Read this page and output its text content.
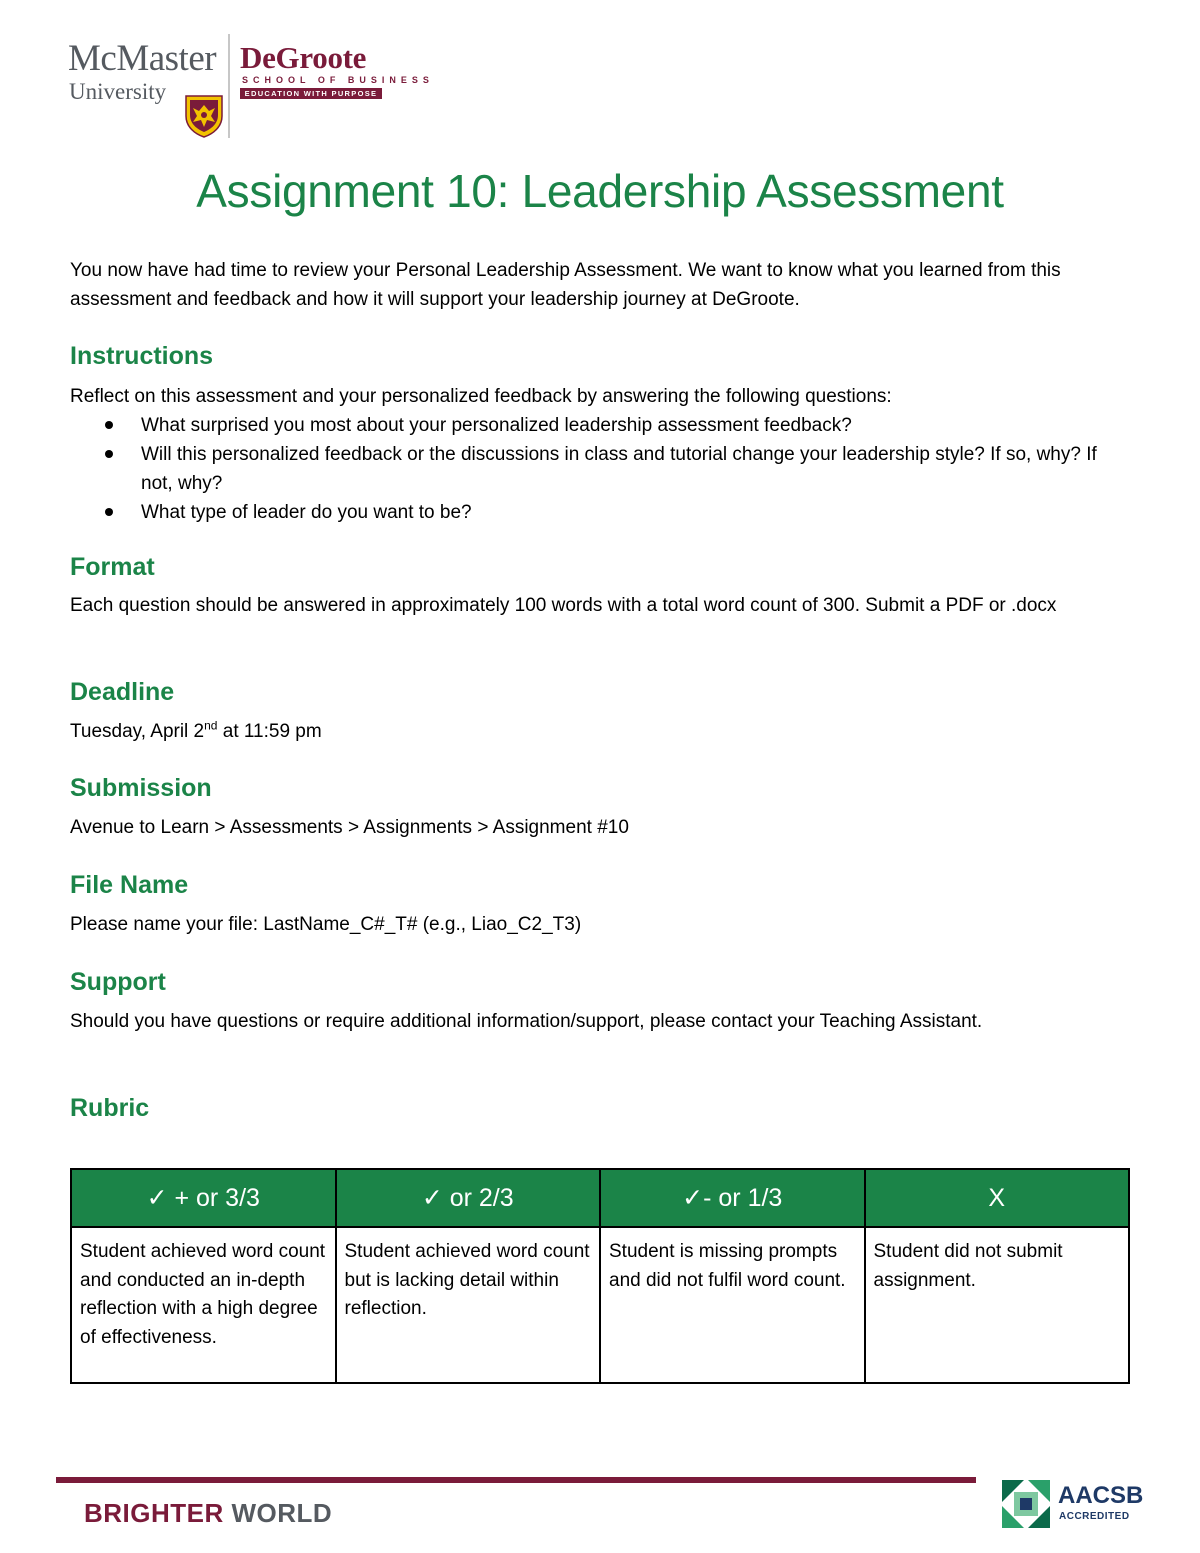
McMaster
University
DeGroote
SCHOOL OF BUSINESS
EDUCATION WITH PURPOSE
Assignment 10: Leadership Assessment

You now have had time to review your Personal Leadership Assessment. We want to know what you learned from this assessment and feedback and how it will support your leadership journey at DeGroote.

Instructions

Reflect on this assessment and your personalized feedback by answering the following questions:

What surprised you most about your personalized leadership assessment feedback?
Will this personalized feedback or the discussions in class and tutorial change your leadership style? If so, why? If not, why?
What type of leader do you want to be?
Format

Each question should be answered in approximately 100 words with a total word count of 300. Submit a PDF or .docx

Deadline

Tuesday, April 2nd at 11:59 pm

Submission

Avenue to Learn > Assessments > Assignments > Assignment #10

File Name

Please name your file: LastName_C#_T# (e.g., Liao_C2_T3)

Support

Should you have questions or require additional information/support, please contact your Teaching Assistant.

Rubric
✓ + or 3/3	✓ or 2/3	✓- or 1/3	X
Student achieved word count and conducted an in-depth reflection with a high degree of effectiveness.	Student achieved word count but is lacking detail within reflection.	Student is missing prompts and did not fulfil word count.	Student did not submit assignment.
BRIGHTER WORLD
AACSB
ACCREDITED
